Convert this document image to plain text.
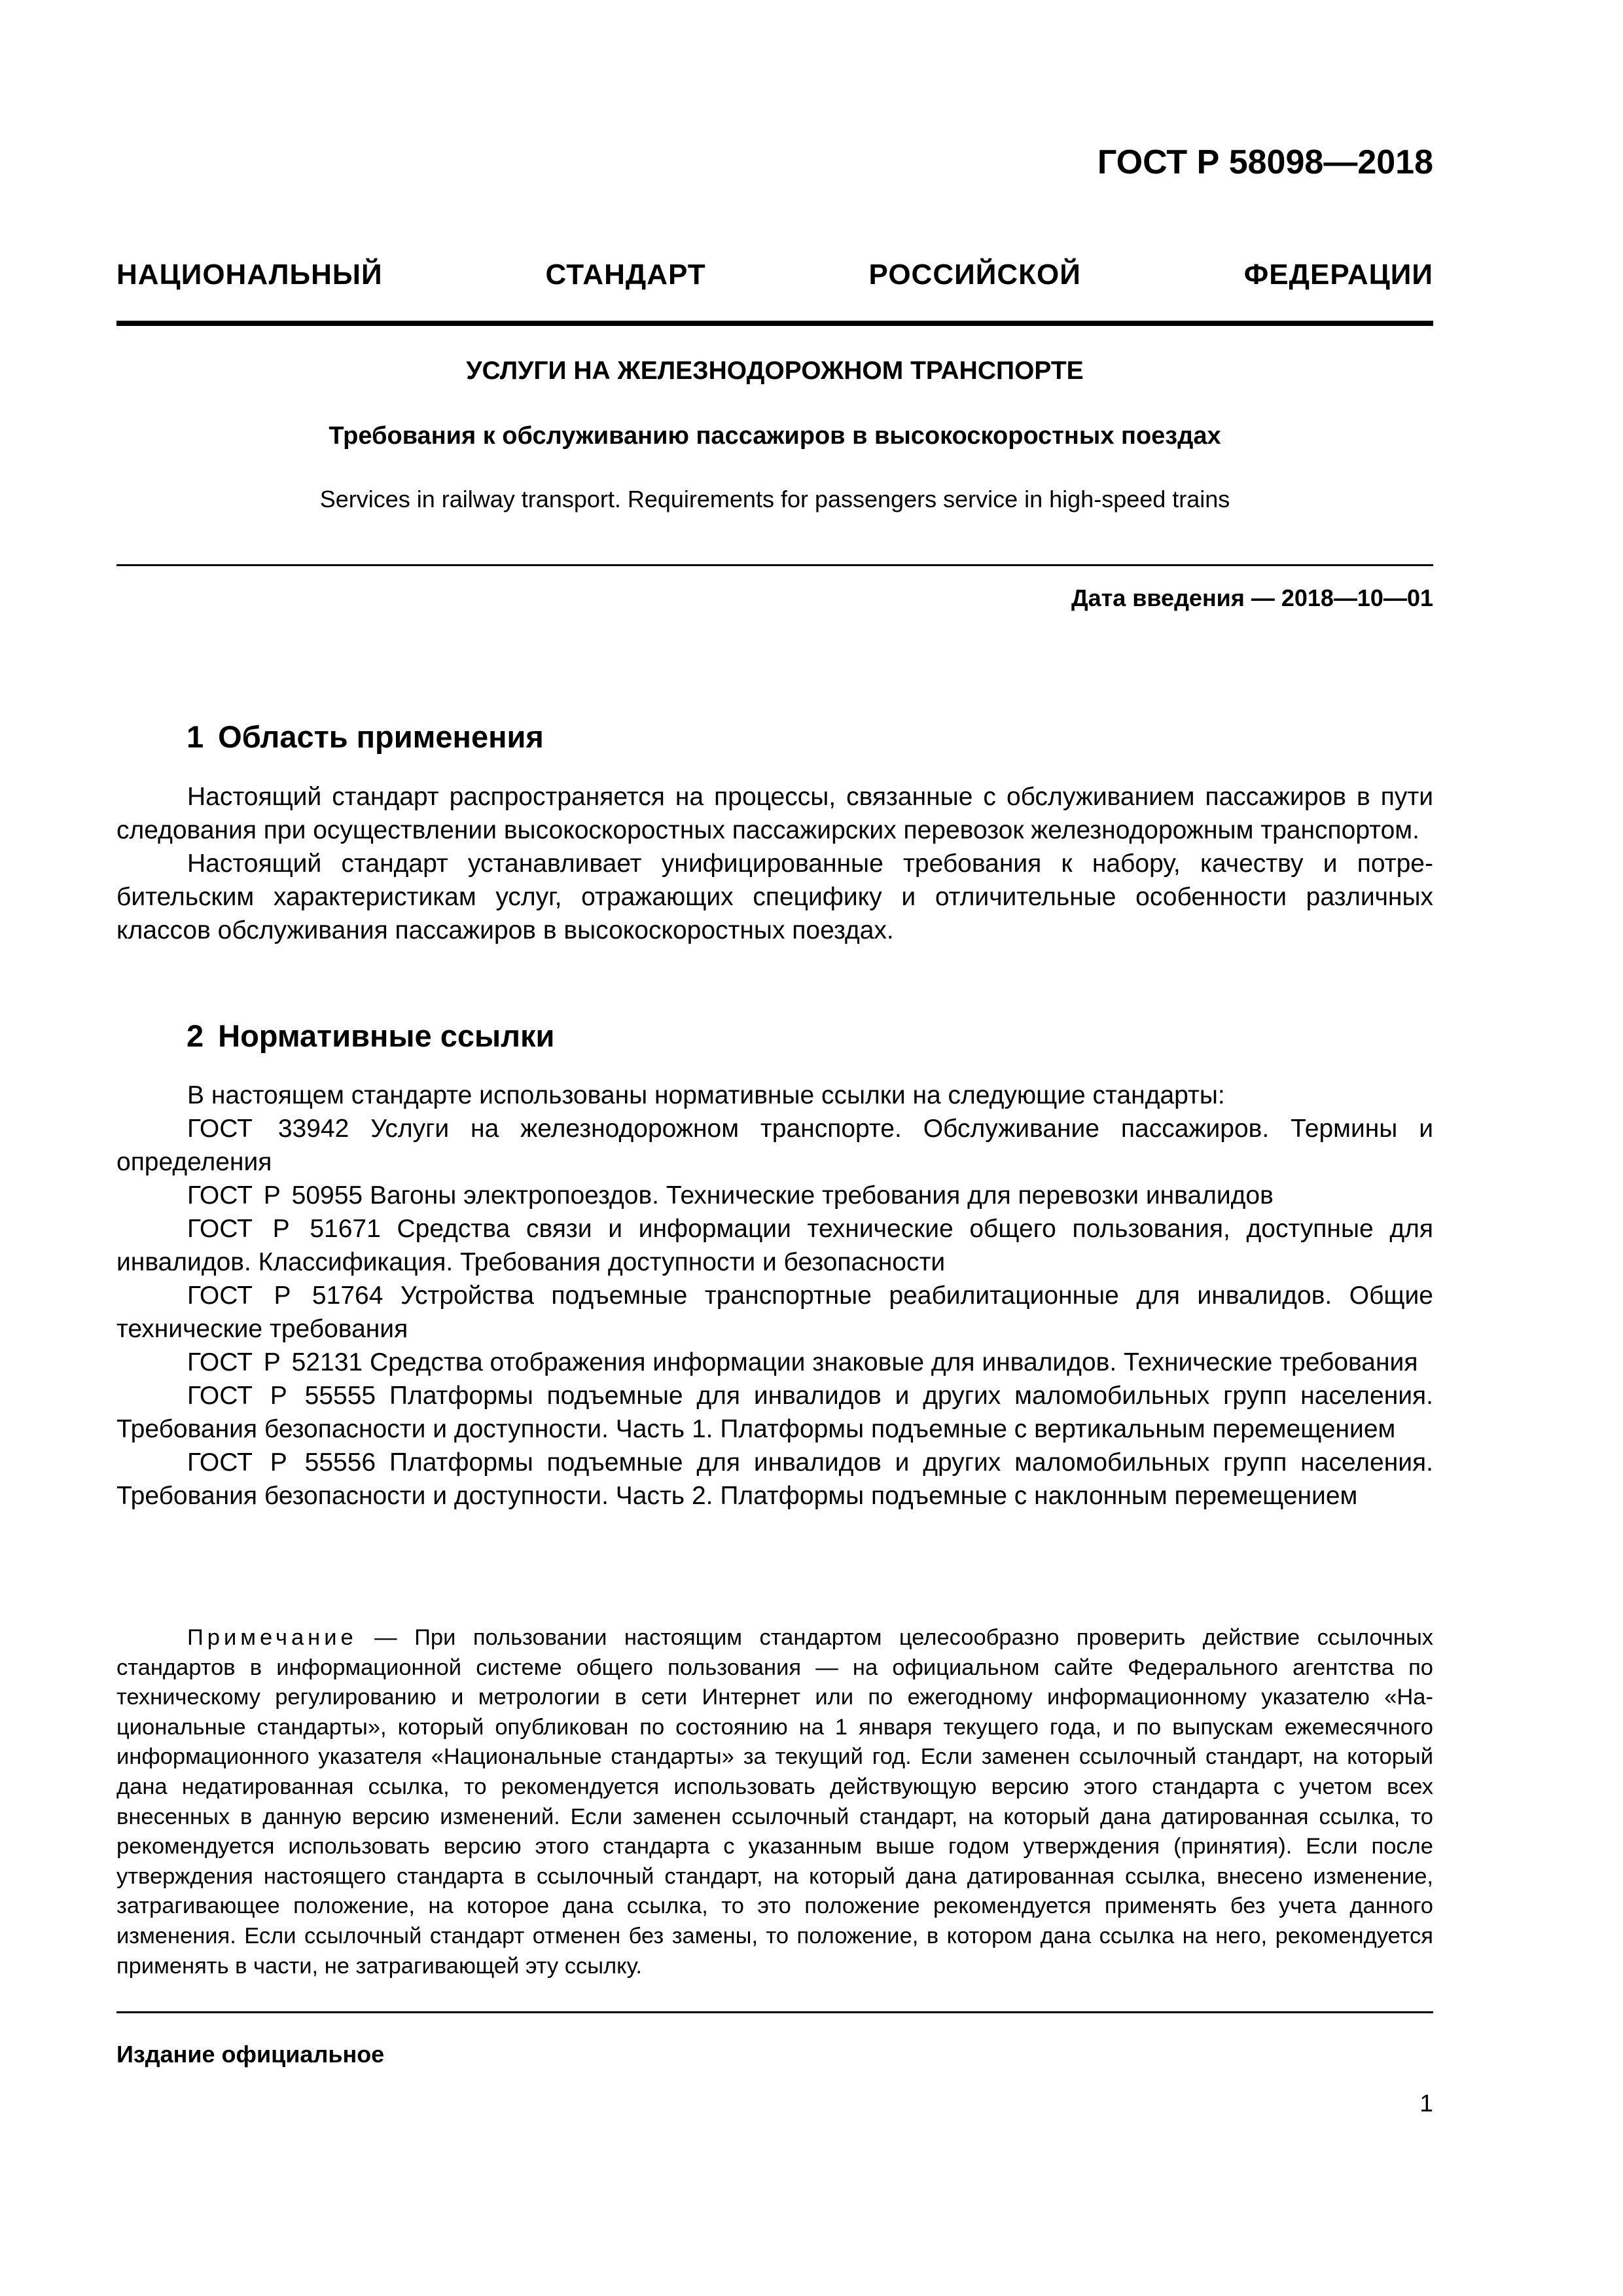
ГОСТ Р 58098—2018
НАЦИОНАЛЬНЫЙ СТАНДАРТ РОССИЙСКОЙ ФЕДЕРАЦИИ
УСЛУГИ НА ЖЕЛЕЗНОДОРОЖНОМ ТРАНСПОРТЕ
Требования к обслуживанию пассажиров в высокоскоростных поездах
Services in railway transport. Requirements for passengers service in high-speed trains
Дата введения — 2018—10—01
1 Область применения

Настоящий стандарт распространяется на процессы, связанные с обслуживанием пассажиров в пути следования при осуществлении высокоскоростных пассажирских перевозок железнодорожным транспортом.

Настоящий стандарт устанавливает унифицированные требования к набору, качеству и потребительским характеристикам услуг, отражающих специфику и отличительные особенности различных классов обслуживания пассажиров в высокоскоростных поездах.

2 Нормативные ссылки

В настоящем стандарте использованы нормативные ссылки на следующие стандарты:

ГОСТ 33942 Услуги на железнодорожном транспорте. Обслуживание пассажиров. Термины и определения

ГОСТ Р 50955 Вагоны электропоездов. Технические требования для перевозки инвалидов

ГОСТ Р 51671 Средства связи и информации технические общего пользования, доступные для инвалидов. Классификация. Требования доступности и безопасности

ГОСТ Р 51764 Устройства подъемные транспортные реабилитационные для инвалидов. Общие технические требования

ГОСТ Р 52131 Средства отображения информации знаковые для инвалидов. Технические требования

ГОСТ Р 55555 Платформы подъемные для инвалидов и других маломобильных групп населения. Требования безопасности и доступности. Часть 1. Платформы подъемные с вертикальным перемещением

ГОСТ Р 55556 Платформы подъемные для инвалидов и других маломобильных групп населения. Требования безопасности и доступности. Часть 2. Платформы подъемные с наклонным перемещением

Примечание — При пользовании настоящим стандартом целесообразно проверить действие ссылочных стандартов в информационной системе общего пользования — на официальном сайте Федерального агентства по техническому регулированию и метрологии в сети Интернет или по ежегодному информационному указателю «Национальные стандарты», который опубликован по состоянию на 1 января текущего года, и по выпускам ежемесячного информационного указателя «Национальные стандарты» за текущий год. Если заменен ссылочный стандарт, на который дана недатированная ссылка, то рекомендуется использовать действующую версию этого стандарта с учетом всех внесенных в данную версию изменений. Если заменен ссылочный стандарт, на который дана датированная ссылка, то рекомендуется использовать версию этого стандарта с указанным выше годом утверждения (принятия). Если после утверждения настоящего стандарта в ссылочный стандарт, на который дана датированная ссылка, внесено изменение, затрагивающее положение, на которое дана ссылка, то это положение рекомендуется применять без учета данного изменения. Если ссылочный стандарт отменен без замены, то положение, в котором дана ссылка на него, рекомендуется применять в части, не затрагивающей эту ссылку.

Издание официальное
1
